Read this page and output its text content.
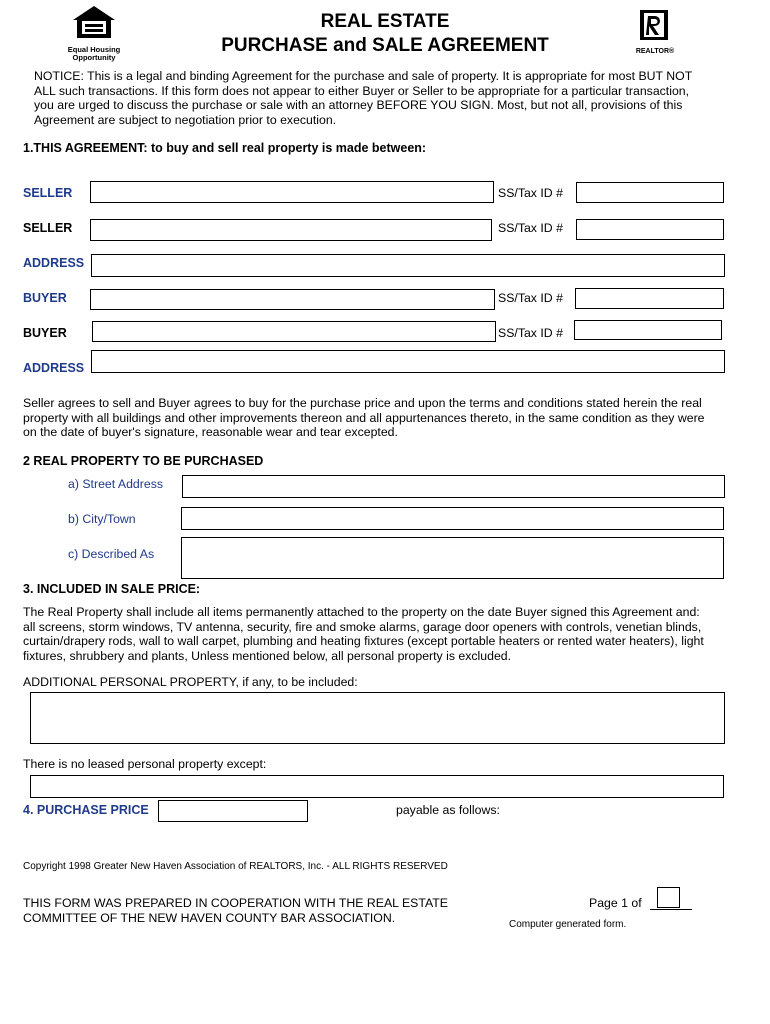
Equal Housing
Opportunity
REAL ESTATE
PURCHASE and SALE AGREEMENT	REALTOR®
NOTICE: This is a legal and binding Agreement for the purchase and sale of property. It is appropriate for most BUT NOT ALL such transactions. If this form does not appear to either Buyer or Seller to be appropriate for a particular transaction, you are urged to discuss the purchase or sale with an attorney BEFORE YOU SIGN. Most, but not all, provisions of this Agreement are subject to negotiation prior to execution.
1.THIS AGREEMENT: to buy and sell real property is made between:
SELLER	SS/Tax ID #
SELLER	SS/Tax ID #
ADDRESS
BUYER	SS/Tax ID #
BUYER	SS/Tax ID #
ADDRESS
Seller agrees to sell and Buyer agrees to buy for the purchase price and upon the terms and conditions stated herein the real property with all buildings and other improvements thereon and all appurtenances thereto, in the same condition as they were on the date of buyer's signature, reasonable wear and tear excepted.
2 REAL PROPERTY TO BE PURCHASED
a) Street Address
b) City/Town
c) Described As
3. INCLUDED IN SALE PRICE:
The Real Property shall include all items permanently attached to the property on the date Buyer signed this Agreement and: all screens, storm windows, TV antenna, security, fire and smoke alarms, garage door openers with controls, venetian blinds, curtain/drapery rods, wall to wall carpet, plumbing and heating fixtures (except portable heaters or rented water heaters), light fixtures, shrubbery and plants, Unless mentioned below, all personal property is excluded.
ADDITIONAL PERSONAL PROPERTY, if any, to be included:
There is no leased personal property except:
4. PURCHASE PRICE	payable as follows:
Copyright 1998 Greater New Haven Association of REALTORS, Inc. - ALL RIGHTS RESERVED
THIS FORM WAS PREPARED IN COOPERATION WITH THE REAL ESTATE
COMMITTEE OF THE NEW HAVEN COUNTY BAR ASSOCIATION.
Page 1 of
Computer generated form.
